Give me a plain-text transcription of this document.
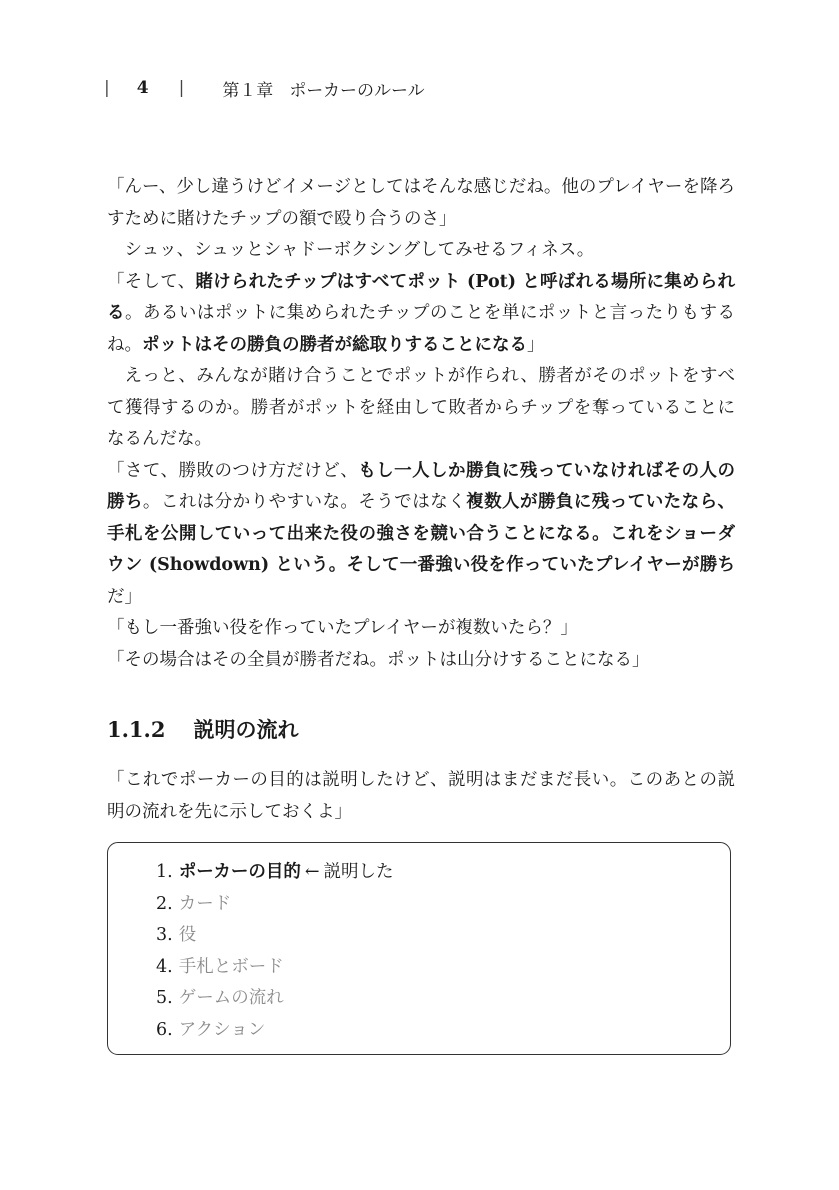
| 4 | 第１章 ポーカーのルール

「んー、少し違うけどイメージとしてはそんな感じだね。他のプレイヤーを降ろすために賭けたチップの額で殴り合うのさ」

シュッ、シュッとシャドーボクシングしてみせるフィネス。

「そして、賭けられたチップはすべてポット (Pot) と呼ばれる場所に集められる。あるいはポットに集められたチップのことを単にポットと言ったりもするね。ポットはその勝負の勝者が総取りすることになる」

えっと、みんなが賭け合うことでポットが作られ、勝者がそのポットをすべて獲得するのか。勝者がポットを経由して敗者からチップを奪っていることになるんだな。

「さて、勝敗のつけ方だけど、もし一人しか勝負に残っていなければその人の勝ち。これは分かりやすいな。そうではなく複数人が勝負に残っていたなら、手札を公開していって出来た役の強さを競い合うことになる。これをショーダウン (Showdown) という。そして一番強い役を作っていたプレイヤーが勝ちだ」

「もし一番強い役を作っていたプレイヤーが複数いたら？」

「その場合はその全員が勝者だね。ポットは山分けすることになる」

1.1.2 説明の流れ

「これでポーカーの目的は説明したけど、説明はまだまだ長い。このあとの説明の流れを先に示しておくよ」

1. ポーカーの目的 ← 説明した
2. カード
3. 役
4. 手札とボード
5. ゲームの流れ
6. アクション
